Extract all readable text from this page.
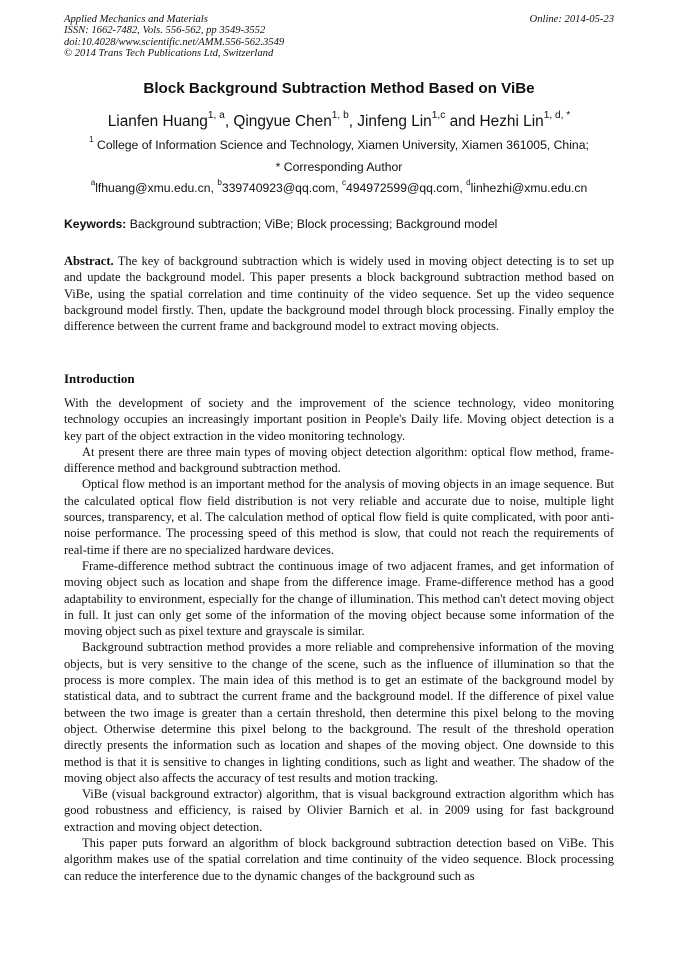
Applied Mechanics and Materials
ISSN: 1662-7482, Vols. 556-562, pp 3549-3552
doi:10.4028/www.scientific.net/AMM.556-562.3549
© 2014 Trans Tech Publications Ltd, Switzerland
Online: 2014-05-23
Block Background Subtraction Method Based on ViBe
Lianfen Huang$^{1, a}$, Qingyue Chen$^{1, b}$, Jinfeng Lin$^{1,c}$ and Hezhi Lin$^{1, d, *}$
$^1$ College of Information Science and Technology, Xiamen University, Xiamen 361005, China;
* Corresponding Author
$^a$lfhuang@xmu.edu.cn, $^b$339740923@qq.com, $^c$494972599@qq.com, $^d$linhezhi@xmu.edu.cn
Keywords: Background subtraction; ViBe; Block processing; Background model

Abstract. The key of background subtraction which is widely used in moving object detecting is to set up and update the background model. This paper presents a block background subtraction method based on ViBe, using the spatial correlation and time continuity of the video sequence. Set up the video sequence background model firstly. Then, update the background model through block processing. Finally employ the difference between the current frame and background model to extract moving objects.

Introduction

With the development of society and the improvement of the science technology, video monitoring technology occupies an increasingly important position in People's Daily life. Moving object detection is a key part of the object extraction in the video monitoring technology.

At present there are three main types of moving object detection algorithm: optical flow method, frame-difference method and background subtraction method.

Optical flow method is an important method for the analysis of moving objects in an image sequence. But the calculated optical flow field distribution is not very reliable and accurate due to noise, multiple light sources, transparency, et al. The calculation method of optical flow field is quite complicated, with poor anti-noise performance. The processing speed of this method is slow, that could not reach the requirements of real-time if there are no specialized hardware devices.

Frame-difference method subtract the continuous image of two adjacent frames, and get information of moving object such as location and shape from the difference image. Frame-difference method has a good adaptability to environment, especially for the change of illumination. This method can't detect moving object in full. It just can only get some of the information of the moving object because some information of the moving object such as pixel texture and grayscale is similar.

Background subtraction method provides a more reliable and comprehensive information of the moving objects, but is very sensitive to the change of the scene, such as the influence of illumination so that the process is more complex. The main idea of this method is to get an estimate of the background model by statistical data, and to subtract the current frame and the background model. If the difference of pixel value between the two image is greater than a certain threshold, then determine this pixel belong to the moving object. Otherwise determine this pixel belong to the background. The result of the threshold operation directly presents the information such as location and shapes of the moving object. One downside to this method is that it is sensitive to changes in lighting conditions, such as light and weather. The shadow of the moving object also affects the accuracy of test results and motion tracking.

ViBe (visual background extractor) algorithm, that is visual background extraction algorithm which has good robustness and efficiency, is raised by Olivier Barnich et al. in 2009 using for fast background extraction and moving object detection.

This paper puts forward an algorithm of block background subtraction detection based on ViBe. This algorithm makes use of the spatial correlation and time continuity of the video sequence. Block processing can reduce the interference due to the dynamic changes of the background such as
